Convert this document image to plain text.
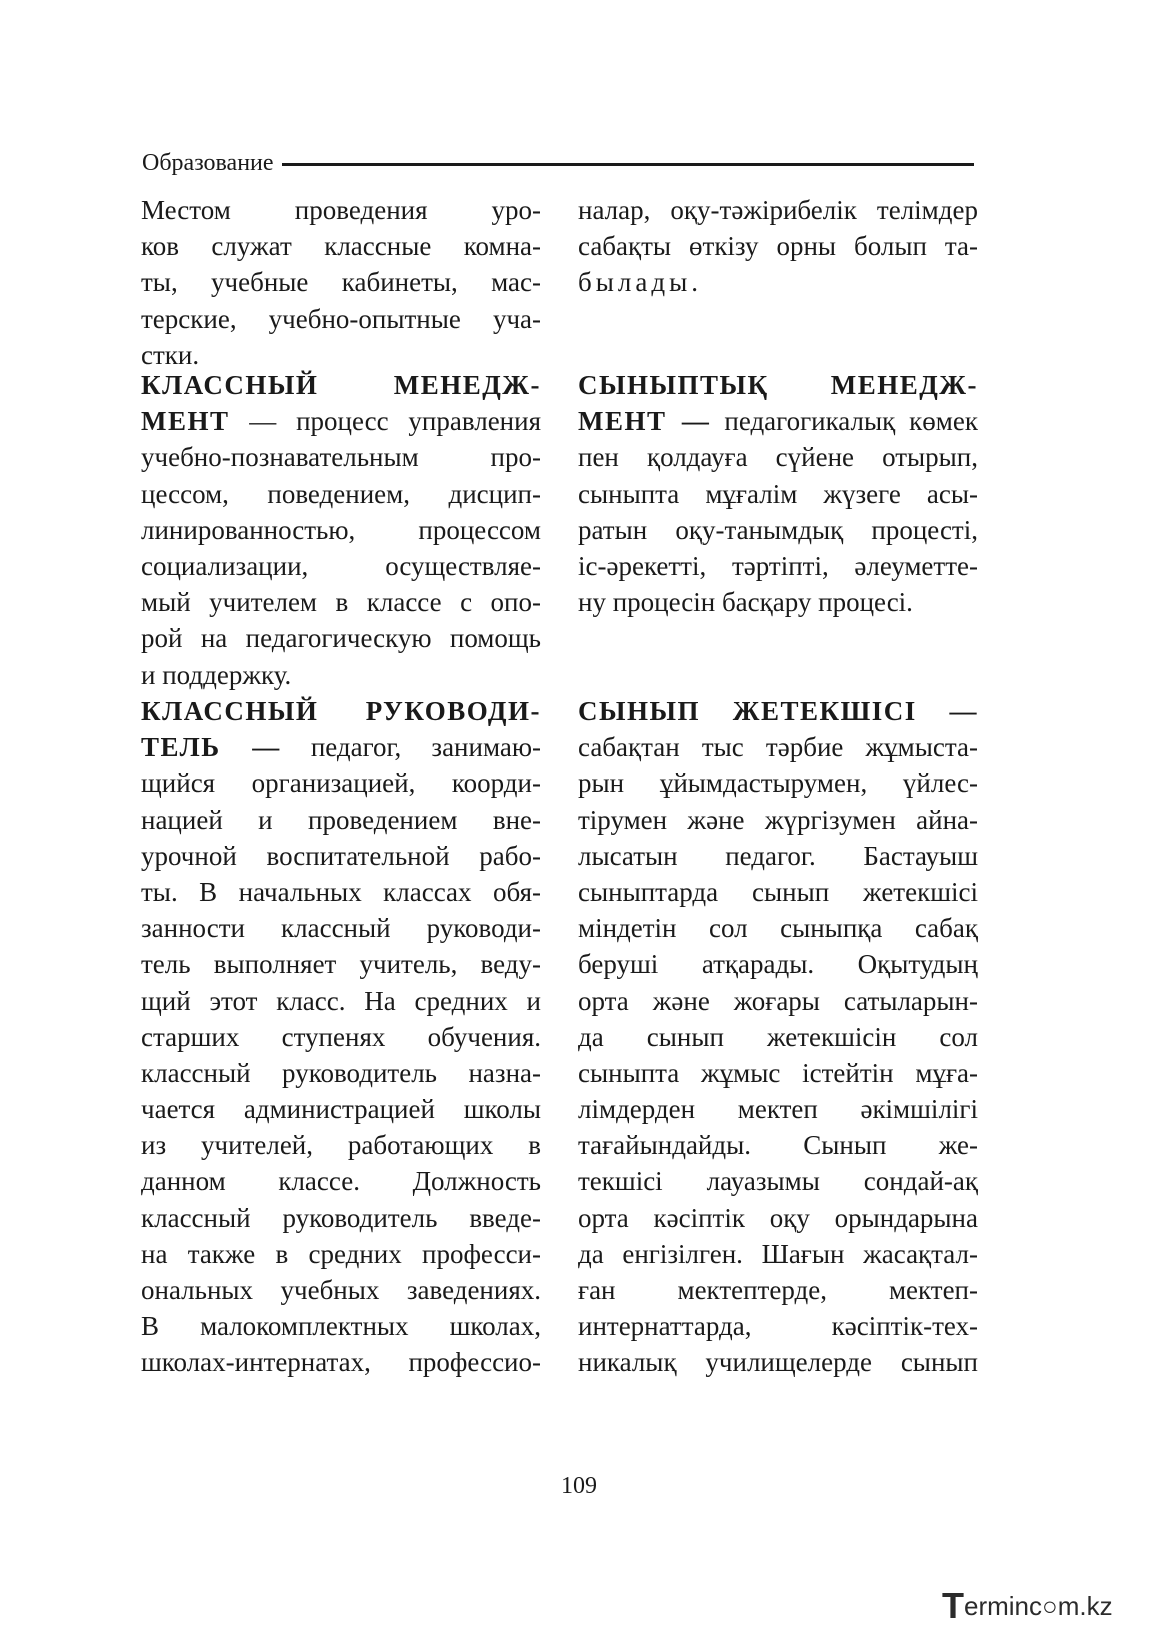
Образование
Местом проведения уро-
ков служат классные комна-
ты, учебные кабинеты, мас-
терские, учебно-опытные уча-
стки.
КЛАССНЫЙ МЕНЕДЖ-
МЕНТ — процесс управления
учебно-познавательным про-
цессом, поведением, дисцип-
линированностью, процессом
социализации, осуществляе-
мый учителем в классе с опо-
рой на педагогическую помощь
и поддержку.
КЛАССНЫЙ РУКОВОДИ-
ТЕЛЬ — педагог, занимаю-
щийся организацией, коорди-
нацией и проведением вне-
урочной воспитательной рабо-
ты. В начальных классах обя-
занности классный руководи-
тель выполняет учитель, веду-
щий этот класс. На средних и
старших ступенях обучения.
классный руководитель назна-
чается администрацией школы
из учителей, работающих в
данном классе. Должность
классный руководитель введе-
на также в средних професси-
ональных учебных заведениях.
В малокомплектных школах,
школах-интернатах, профессио-
налар, оқу-тәжірибелік телімдер
сабақты өткізу орны болып та-
былады.
СЫНЫПТЫҚ МЕНЕДЖ-
МЕНТ — педагогикалық көмек
пен қолдауға сүйене отырып,
сыныпта мұғалім жүзеге асы-
ратын оқу-танымдық процесті,
іс-әрекетті, тәртіпті, әлеуметте-
ну процесін басқару процесі.
СЫНЫП ЖЕТЕКШІСІ —
сабақтан тыс тәрбие жұмыста-
рын ұйымдастырумен, үйлес-
тірумен және жүргізумен айна-
лысатын педагог. Бастауыш
сыныптарда сынып жетекшісі
міндетін сол сыныпқа сабақ
беруші атқарады. Оқытудың
орта және жоғары сатыларын-
да сынып жетекшісін сол
сыныпта жұмыс істейтін мұға-
лімдерден мектеп әкімшілігі
тағайындайды. Сынып же-
текшісі лауазымы сондай-ақ
орта кәсіптік оқу орындарына
да енгізілген. Шағын жасақтал-
ған мектептерде, мектеп-
интернаттарда, кәсіптік-тех-
никалық училищелерде сынып
109
T erminc○m.kz
